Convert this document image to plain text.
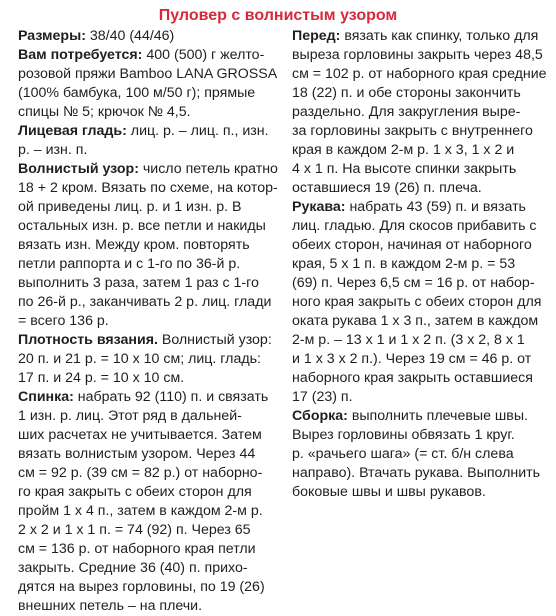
Пуловер с волнистым узором

Размеры: 38/40 (44/46)

Вам потребуется: 400 (500) г желто-

розовой пряжи Bamboo LANA GROSSA

(100% бамбука, 100 м/50 г); прямые

спицы № 5; крючок № 4,5.

Лицевая гладь: лиц. р. – лиц. п., изн.

р. – изн. п.

Волнистый узор: число петель кратно

18 + 2 кром. Вязать по схеме, на котор-

ой приведены лиц. р. и 1 изн. р. В

остальных изн. р. все петли и накиды

вязать изн. Между кром. повторять

петли раппорта и с 1-го по 36-й р.

выполнить 3 раза, затем 1 раз с 1-го

по 26-й р., заканчивать 2 р. лиц. глади

= всего 136 р.

Плотность вязания. Волнистый узор:

20 п. и 21 р. = 10 х 10 см; лиц. гладь:

17 п. и 24 р. = 10 х 10 см.

Спинка: набрать 92 (110) п. и связать

1 изн. р. лиц. Этот ряд в дальней-

ших расчетах не учитывается. Затем

вязать волнистым узором. Через 44

см = 92 р. (39 см = 82 р.) от наборно-

го края закрыть с обеих сторон для

пройм 1 х 4 п., затем в каждом 2-м р.

2 х 2 и 1 х 1 п. = 74 (92) п. Через 65

см = 136 р. от наборного края петли

закрыть. Средние 36 (40) п. прихо-

дятся на вырез горловины, по 19 (26)

внешних петель – на плечи.

Перед: вязать как спинку, только для

выреза горловины закрыть через 48,5

см = 102 р. от наборного края средние

18 (22) п. и обе стороны закончить

раздельно. Для закругления выре-

за горловины закрыть с внутреннего

края в каждом 2-м р. 1 х 3, 1 х 2 и

4 х 1 п. На высоте спинки закрыть

оставшиеся 19 (26) п. плеча.

Рукава: набрать 43 (59) п. и вязать

лиц. гладью. Для скосов прибавить с

обеих сторон, начиная от наборного

края, 5 х 1 п. в каждом 2-м р. = 53

(69) п. Через 6,5 см = 16 р. от набор-

ного края закрыть с обеих сторон для

оката рукава 1 х 3 п., затем в каждом

2-м р. – 13 х 1 и 1 х 2 п. (3 х 2, 8 х 1

и 1 х 3 х 2 п.). Через 19 см = 46 р. от

наборного края закрыть оставшиеся

17 (23) п.

Сборка: выполнить плечевые швы.

Вырез горловины обвязать 1 круг.

р. «рачьего шага» (= ст. б/н слева

направо). Втачать рукава. Выполнить

боковые швы и швы рукавов.
